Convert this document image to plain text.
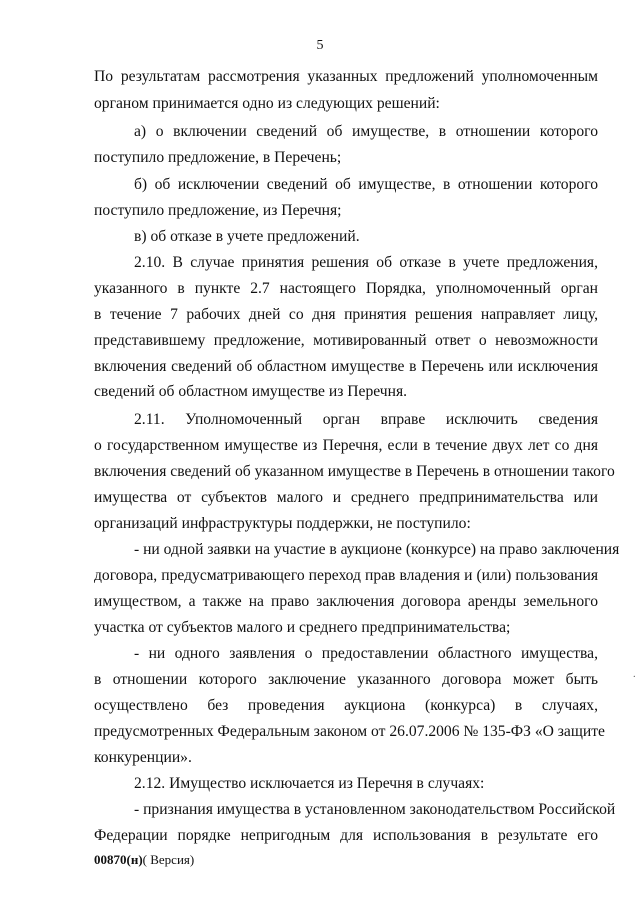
5
По результатам рассмотрения указанных предложений уполномоченным
органом принимается одно из следующих решений:
а) о включении сведений об имуществе, в отношении которого
поступило предложение, в Перечень;
б) об исключении сведений об имуществе, в отношении которого
поступило предложение, из Перечня;
в) об отказе в учете предложений.
2.10. В случае принятия решения об отказе в учете предложения,
указанного в пункте 2.7 настоящего Порядка, уполномоченный орган
в течение 7 рабочих дней со дня принятия решения направляет лицу,
представившему предложение, мотивированный ответ о невозможности
включения сведений об областном имуществе в Перечень или исключения
сведений об областном имуществе из Перечня.
2.11. Уполномоченный орган вправе исключить сведения
о государственном имуществе из Перечня, если в течение двух лет со дня
включения сведений об указанном имуществе в Перечень в отношении такого
имущества от субъектов малого и среднего предпринимательства или
организаций инфраструктуры поддержки, не поступило:
- ни одной заявки на участие в аукционе (конкурсе) на право заключения
договора, предусматривающего переход прав владения и (или) пользования
имуществом, а также на право заключения договора аренды земельного
участка от субъектов малого и среднего предпринимательства;
- ни одного заявления о предоставлении областного имущества,
в отношении которого заключение указанного договора может быть
осуществлено без проведения аукциона (конкурса) в случаях,
предусмотренных Федеральным законом от 26.07.2006 № 135-ФЗ «О защите
конкуренции».
2.12. Имущество исключается из Перечня в случаях:
- признания имущества в установленном законодательством Российской
Федерации порядке непригодным для использования в результате его
00870(н)( Версия)
·
